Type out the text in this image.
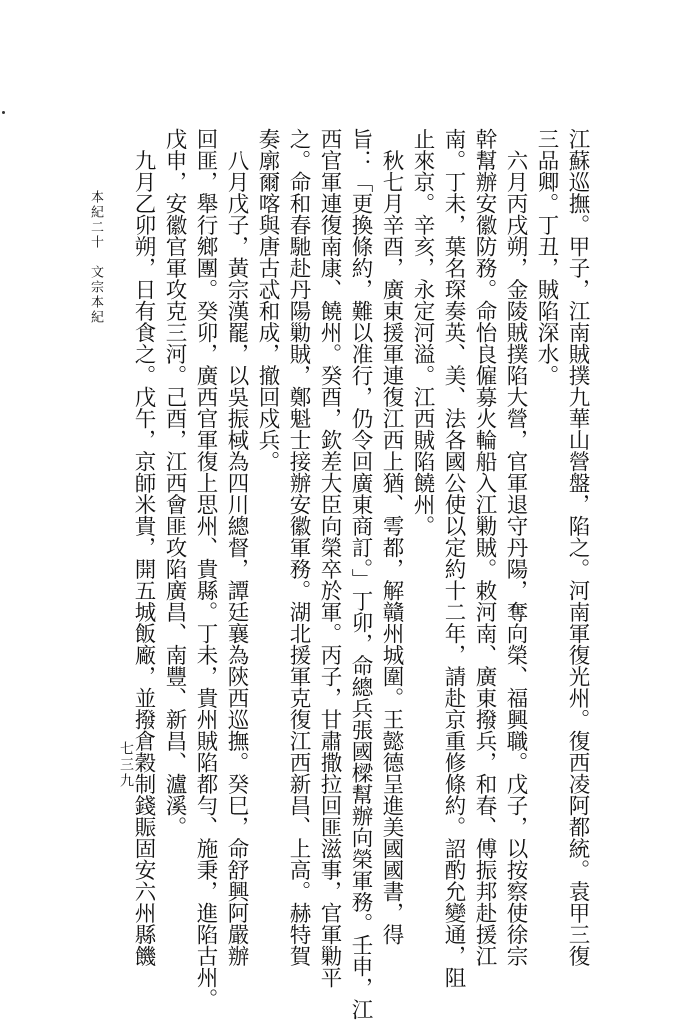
江蘇巡撫。甲子，江南賊撲九華山營盤，陷之。河南軍復光州。復西凌阿都統。袁甲三復
三品卿。丁丑，賊陷深水。
　六月丙戌朔，金陵賊撲陷大營，官軍退守丹陽，奪向榮、福興職。戊子，以按察使徐宗
幹幫辦安徽防務。命怡良僱募火輪船入江勦賊。敕河南、廣東撥兵，和春、傅振邦赴援江
南。丁未，葉名琛奏英、美、法各國公使以定約十二年，請赴京重修條約。詔酌允變通，阻
止來京。辛亥，永定河溢。江西賊陷饒州。
　秋七月辛酉，廣東援軍連復江西上猶、雩都，解贛州城圍。王懿德呈進美國國書，得
旨：「更換條約，難以准行，仍令回廣東商訂。」丁卯，命總兵張國樑幫辦向榮軍務。壬申，江
西官軍連復南康、饒州。癸酉，欽差大臣向榮卒於軍。丙子，甘肅撒拉回匪滋事，官軍勦平
之。命和春馳赴丹陽勦賊，鄭魁士接辦安徽軍務。湖北援軍克復江西新昌、上高。赫特賀
奏廓爾喀與唐古忒和成，撤回戍兵。
　八月戊子，黃宗漢罷，以吳振棫為四川總督，譚廷襄為陝西巡撫。癸巳，命舒興阿嚴辦
回匪，舉行鄉團。癸卯，廣西官軍復上思州、貴縣。丁未，貴州賊陷都勻、施秉，進陷古州。
戊申，安徽官軍攻克三河。己酉，江西會匪攻陷廣昌、南豐、新昌、瀘溪。
　九月乙卯朔，日有食之。戊午，京師米貴，開五城飯廠，並撥倉穀制錢賑固安六州縣饑
本紀二十　文宗本紀
七三九
